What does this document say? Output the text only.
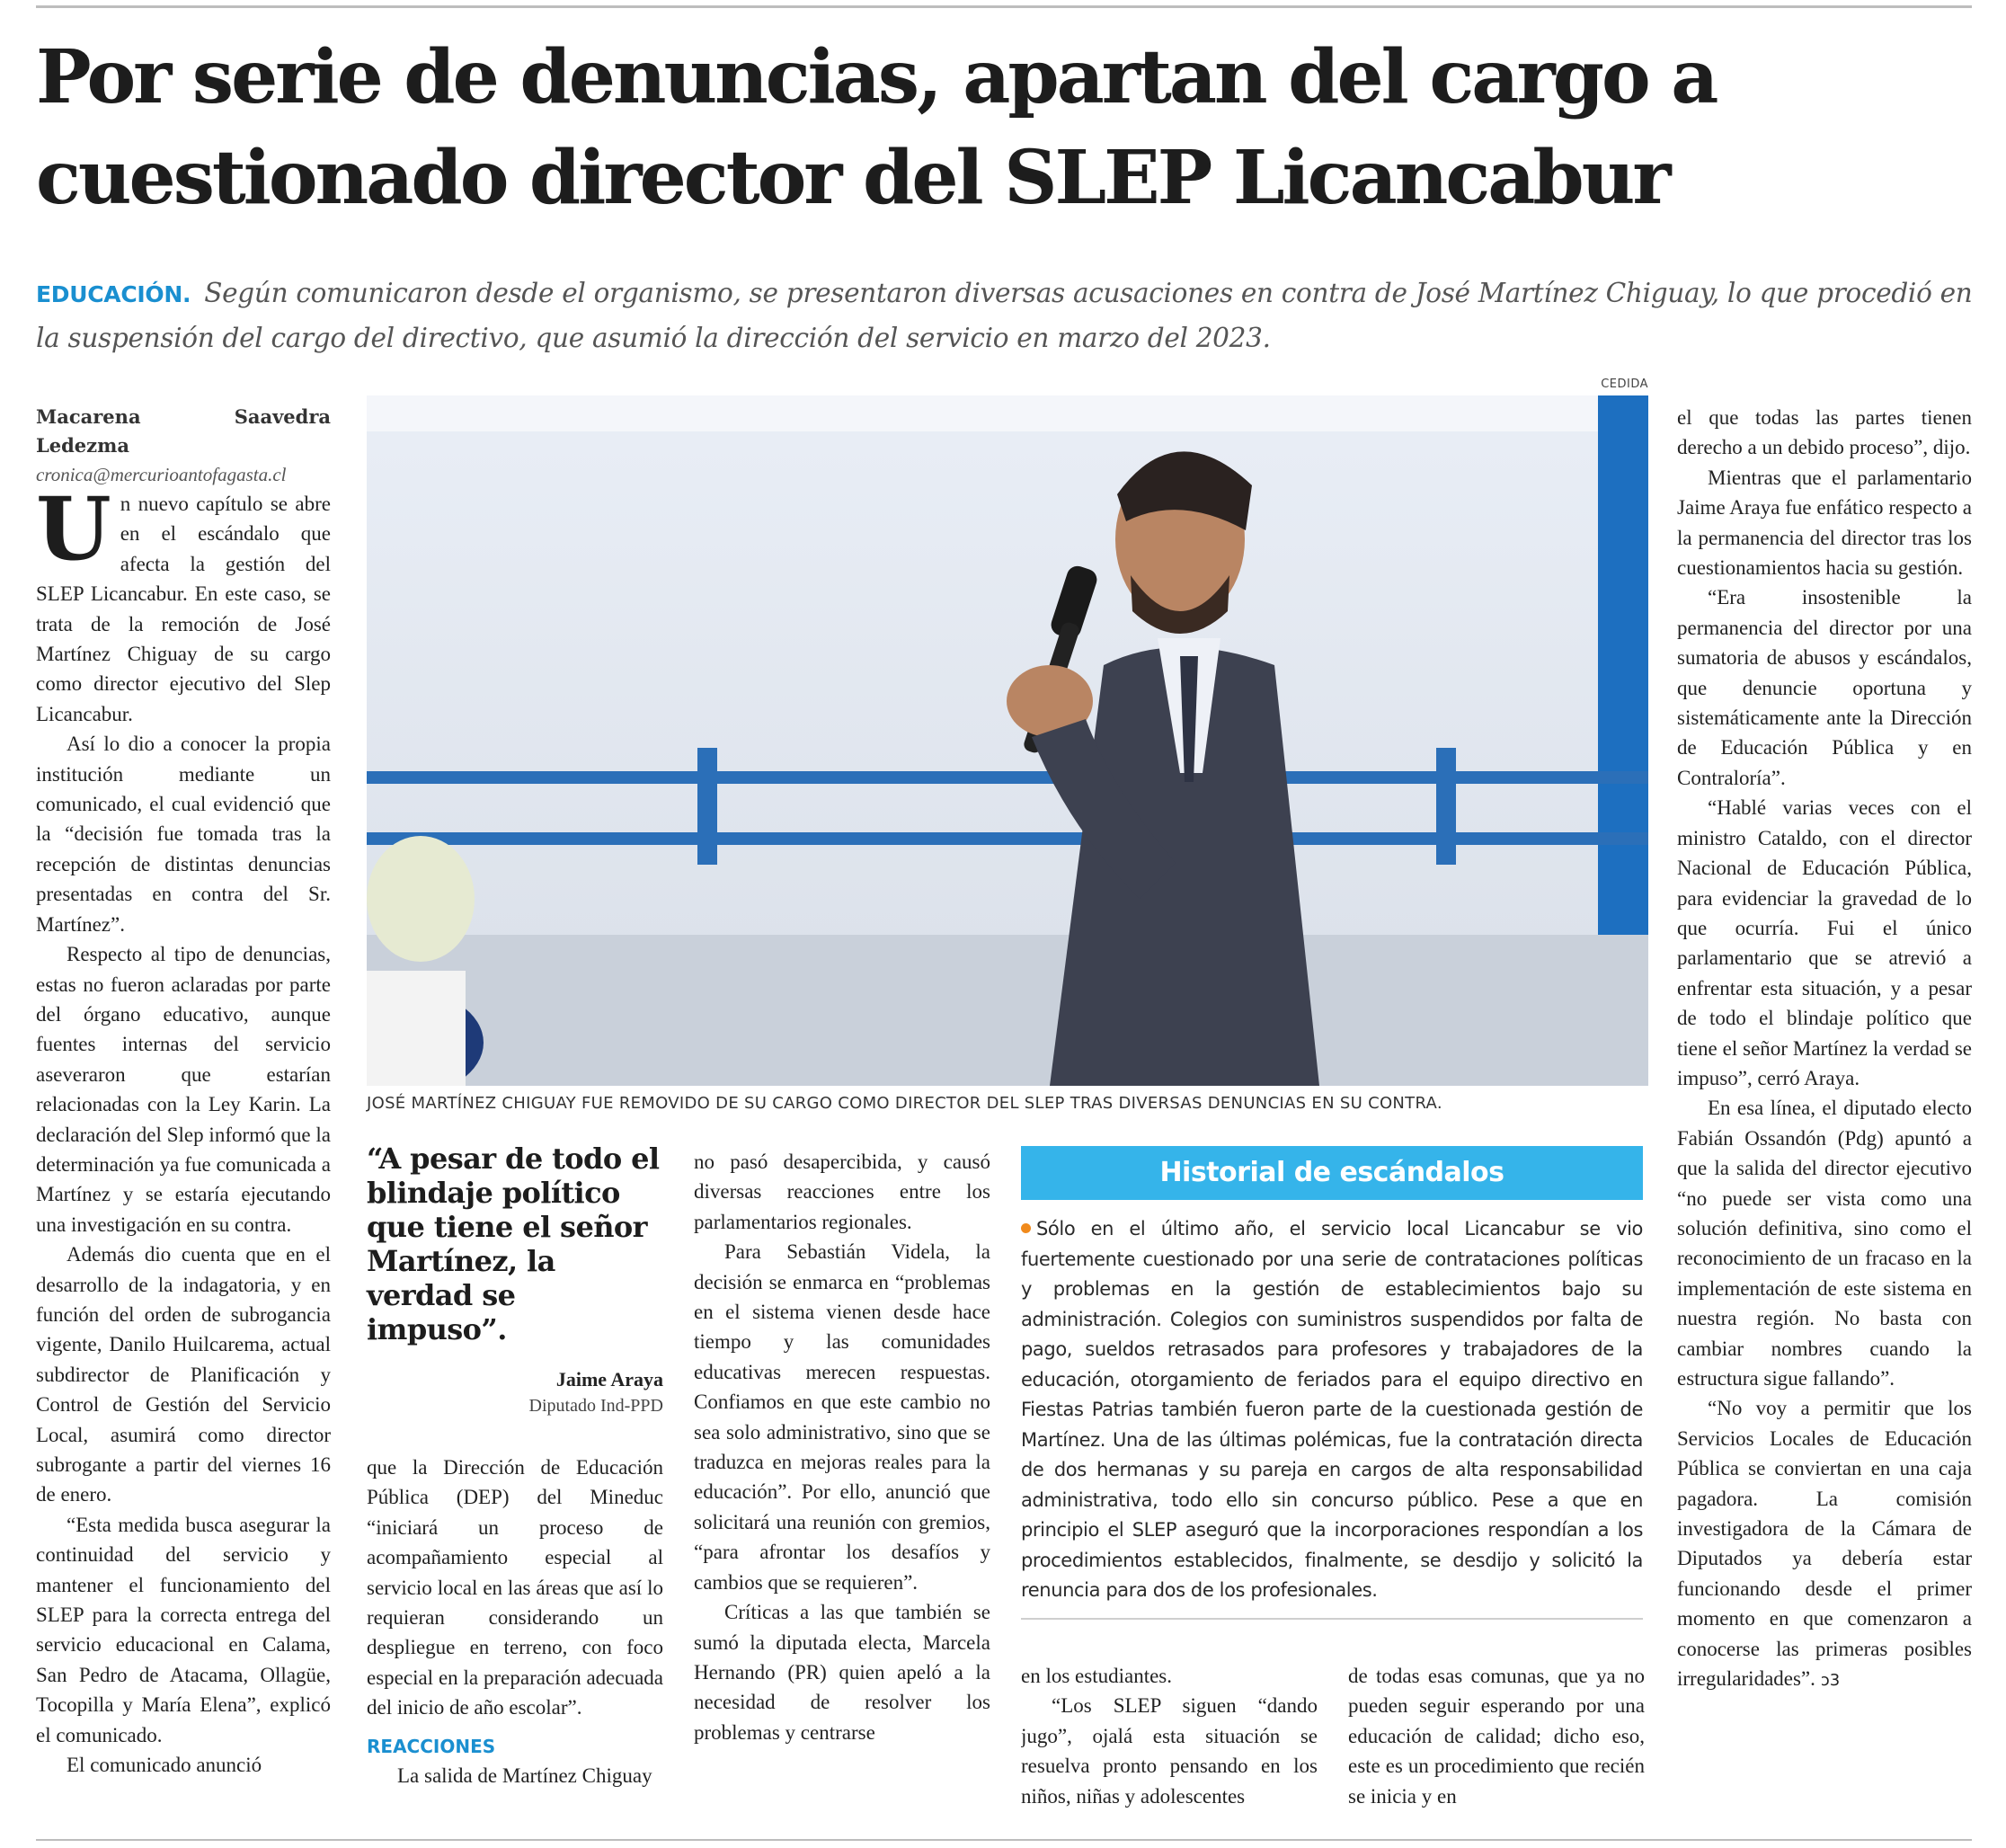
Por serie de denuncias, apartan del cargo a cuestionado director del SLEP Licancabur

EDUCACIÓN. Según comunicaron desde el organismo, se presentaron diversas acusaciones en contra de José Martínez Chiguay, lo que procedió en la suspensión del cargo del directivo, que asumió la dirección del servicio en marzo del 2023.

Macarena Saavedra Ledezma

cronica@mercurioantofagasta.cl

Un nuevo capítulo se abre en el escándalo que afecta la gestión del SLEP Licancabur. En este caso, se trata de la remoción de José Martínez Chiguay de su cargo como director ejecutivo del Slep Licancabur.

Así lo dio a conocer la propia institución mediante un comunicado, el cual evidenció que la “decisión fue tomada tras la recepción de distintas denuncias presentadas en contra del Sr. Martínez”.

Respecto al tipo de denuncias, estas no fueron aclaradas por parte del órgano educativo, aunque fuentes internas del servicio aseveraron que estarían relacionadas con la Ley Karin. La declaración del Slep informó que la determinación ya fue comunicada a Martínez y se estaría ejecutando una investigación en su contra.

Además dio cuenta que en el desarrollo de la indagatoria, y en función del orden de subrogancia vigente, Danilo Huilcarema, actual subdirector de Planificación y Control de Gestión del Servicio Local, asumirá como director subrogante a partir del viernes 16 de enero.

“Esta medida busca asegurar la continuidad del servicio y mantener el funcionamiento del SLEP para la correcta entrega del servicio educacional en Calama, San Pedro de Atacama, Ollagüe, Tocopilla y María Elena”, explicó el comunicado.

El comunicado anunció

CEDIDA
JOSÉ MARTÍNEZ CHIGUAY FUE REMOVIDO DE SU CARGO COMO DIRECTOR DEL SLEP TRAS DIVERSAS DENUNCIAS EN SU CONTRA.

“A pesar de todo el blindaje político que tiene el señor Martínez, la verdad se impuso”.

Jaime Araya

Diputado Ind-PPD

que la Dirección de Educación Pública (DEP) del Mineduc “iniciará un proceso de acompañamiento especial al servicio local en las áreas que así lo requieran considerando un despliegue en terreno, con foco especial en la preparación adecuada del inicio de año escolar”.

REACCIONES

La salida de Martínez Chiguay

no pasó desapercibida, y causó diversas reacciones entre los parlamentarios regionales.

Para Sebastián Videla, la decisión se enmarca en “problemas en el sistema vienen desde hace tiempo y las comunidades educativas merecen respuestas. Confiamos en que este cambio no sea solo administrativo, sino que se traduzca en mejoras reales para la educación”. Por ello, anunció que solicitará una reunión con gremios, “para afrontar los desafíos y cambios que se requieren”.

Críticas a las que también se sumó la diputada electa, Marcela Hernando (PR) quien apeló a la necesidad de resolver los problemas y centrarse

Historial de escándalos
Sólo en el último año, el servicio local Licancabur se vio fuertemente cuestionado por una serie de contrataciones políticas y problemas en la gestión de establecimientos bajo su administración. Colegios con suministros suspendidos por falta de pago, sueldos retrasados para profesores y trabajadores de la educación, otorgamiento de feriados para el equipo directivo en Fiestas Patrias también fueron parte de la cuestionada gestión de Martínez. Una de las últimas polémicas, fue la contratación directa de dos hermanas y su pareja en cargos de alta responsabilidad administrativa, todo ello sin concurso público. Pese a que en principio el SLEP aseguró que la incorporaciones respondían a los procedimientos establecidos, finalmente, se desdijo y solicitó la renuncia para dos de los profesionales.

en los estudiantes.

“Los SLEP siguen “dando jugo”, ojalá esta situación se resuelva pronto pensando en los niños, niñas y adolescentes

de todas esas comunas, que ya no pueden seguir esperando por una educación de calidad; dicho eso, este es un procedimiento que recién se inicia y en

el que todas las partes tienen derecho a un debido proceso”, dijo.

Mientras que el parlamentario Jaime Araya fue enfático respecto a la permanencia del director tras los cuestionamientos hacia su gestión.

“Era insostenible la permanencia del director por una sumatoria de abusos y escándalos, que denuncie oportuna y sistemáticamente ante la Dirección de Educación Pública y en Contraloría”.

“Hablé varias veces con el ministro Cataldo, con el director Nacional de Educación Pública, para evidenciar la gravedad de lo que ocurría. Fui el único parlamentario que se atrevió a enfrentar esta situación, y a pesar de todo el blindaje político que tiene el señor Martínez la verdad se impuso”, cerró Araya.

En esa línea, el diputado electo Fabián Ossandón (Pdg) apuntó a que la salida del director ejecutivo “no puede ser vista como una solución definitiva, sino como el reconocimiento de un fracaso en la implementación de este sistema en nuestra región. No basta con cambiar nombres cuando la estructura sigue fallando”.

“No voy a permitir que los Servicios Locales de Educación Pública se conviertan en una caja pagadora. La comisión investigadora de la Cámara de Diputados ya debería estar funcionando desde el primer momento en que comenzaron a conocerse las primeras posibles irregularidades”. ↄ3
